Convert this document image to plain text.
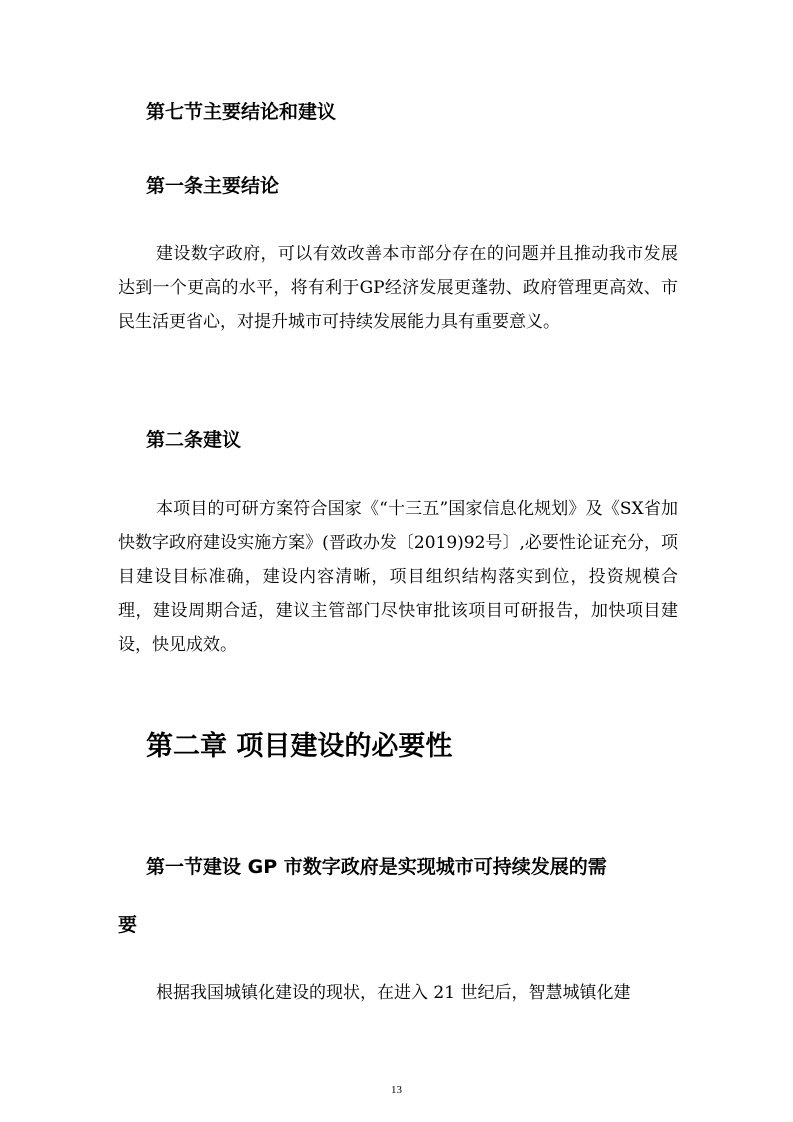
第七节主要结论和建议
第一条主要结论
建设数字政府，可以有效改善本市部分存在的问题并且推动我市发展达到一个更高的水平，将有利于GP经济发展更蓬勃、政府管理更高效、市民生活更省心，对提升城市可持续发展能力具有重要意义。
第二条建议
本项目的可研方案符合国家《“十三五”国家信息化规划》及《SX省加快数字政府建设实施方案》(晋政办发〔2019)92号〕,必要性论证充分，项目建设目标准确，建设内容清晰，项目组织结构落实到位，投资规模合理，建设周期合适，建议主管部门尽快审批该项目可研报告，加快项目建设，快见成效。
第二章 项目建设的必要性
第一节建设 GP 市数字政府是实现城市可持续发展的需
要
根据我国城镇化建设的现状，在进入 21 世纪后，智慧城镇化建
13
